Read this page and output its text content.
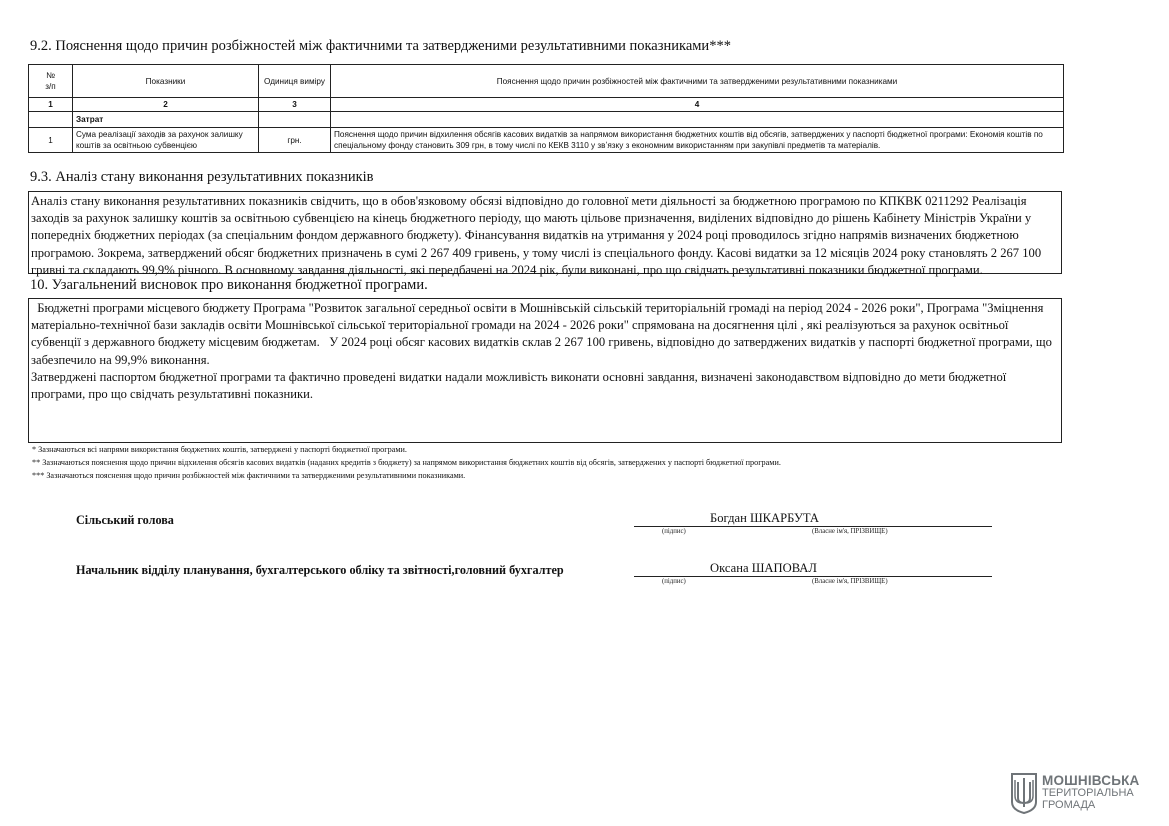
9.2. Пояснення щодо причин розбіжностей між фактичними та затвердженими результативними показниками***
№
з/п	Показники	Одиниця виміру	Пояснення щодо причин розбіжностей між фактичними та затвердженими результативними показниками
1	2	3	4
	Затрат		
1	Сума реалізації заходів за рахунок залишку коштів за освітньою субвенцією	грн.	Пояснення щодо причин відхилення обсягів касових видатків за напрямом використання бюджетних коштів від обсягів, затверджених у паспорті бюджетної програми: Економія коштів по спеціальному фонду становить 309 грн, в тому числі по КЕКВ 3110 у звʼязку з економним використанням при закупівлі предметів та матеріалів.
9.3. Аналіз стану виконання результативних показників
Аналіз стану виконання результативних показників свідчить, що в обов'язковому обсязі відповідно до головної мети діяльності за бюджетною програмою по КПКВК 0211292 Реалізація заходів за рахунок залишку коштів за освітньою субвенцією на кінець бюджетного періоду, що мають цільове призначення, виділених відповідно до рішень Кабінету Міністрів України у попередніх бюджетних періодах (за спеціальним фондом державного бюджету). Фінансування видатків на утримання у 2024 році проводилось згідно напрямів визначених бюджетною програмою. Зокрема, затверджений обсяг бюджетних призначень в сумі 2 267 409 гривень, у тому числі із спеціального фонду. Касові видатки за 12 місяців 2024 року становлять 2 267 100 гривні та складають 99,9% річного. В основному завдання діяльності, які передбачені на 2024 рік, були виконані, про що свідчать результативні показники бюджетної програми.
10. Узагальнений висновок про виконання бюджетної програми.
Бюджетні програми місцевого бюджету Програма "Розвиток загальної середньої освіти в Мошнівській сільській територіальній громаді на період 2024 - 2026 роки", Програма "Зміцнення матеріально-технічної бази закладів освіти Мошнівської сільської територіальної громади на 2024 - 2026 роки" спрямована на досягнення цілі , які реалізуються за рахунок освітньої субвенції з державного бюджету місцевим бюджетам.   У 2024 році обсяг касових видатків склав 2 267 100 гривень, відповідно до затверджених видатків у паспорті бюджетної програми, що забезпечило на 99,9% виконання.
Затверджені паспортом бюджетної програми та фактично проведені видатки надали можливість виконати основні завдання, визначені законодавством відповідно до мети бюджетної програми, про що свідчать результативні показники.
* Зазначаються всі напрями використання бюджетних коштів, затверджені у паспорті бюджетної програми.
** Зазначаються пояснення щодо причин відхилення обсягів касових видатків (наданих кредитів з бюджету) за напрямом використання бюджетних коштів від обсягів, затверджених у паспорті бюджетної програми.
*** Зазначаються пояснення щодо причин розбіжностей між фактичними та затвердженими результативними показниками.
Сільський голова	Богдан ШКАРБУТА
(підпис)	(Власне ім'я, ПРІЗВИЩЕ)
Начальник відділу планування, бухгалтерського обліку та звітності,головний бухгалтер	Оксана ШАПОВАЛ
(підпис)	(Власне ім'я, ПРІЗВИЩЕ)
МОШНІВСЬКА
ТЕРИТОРІАЛЬНА
ГРОМАДА
